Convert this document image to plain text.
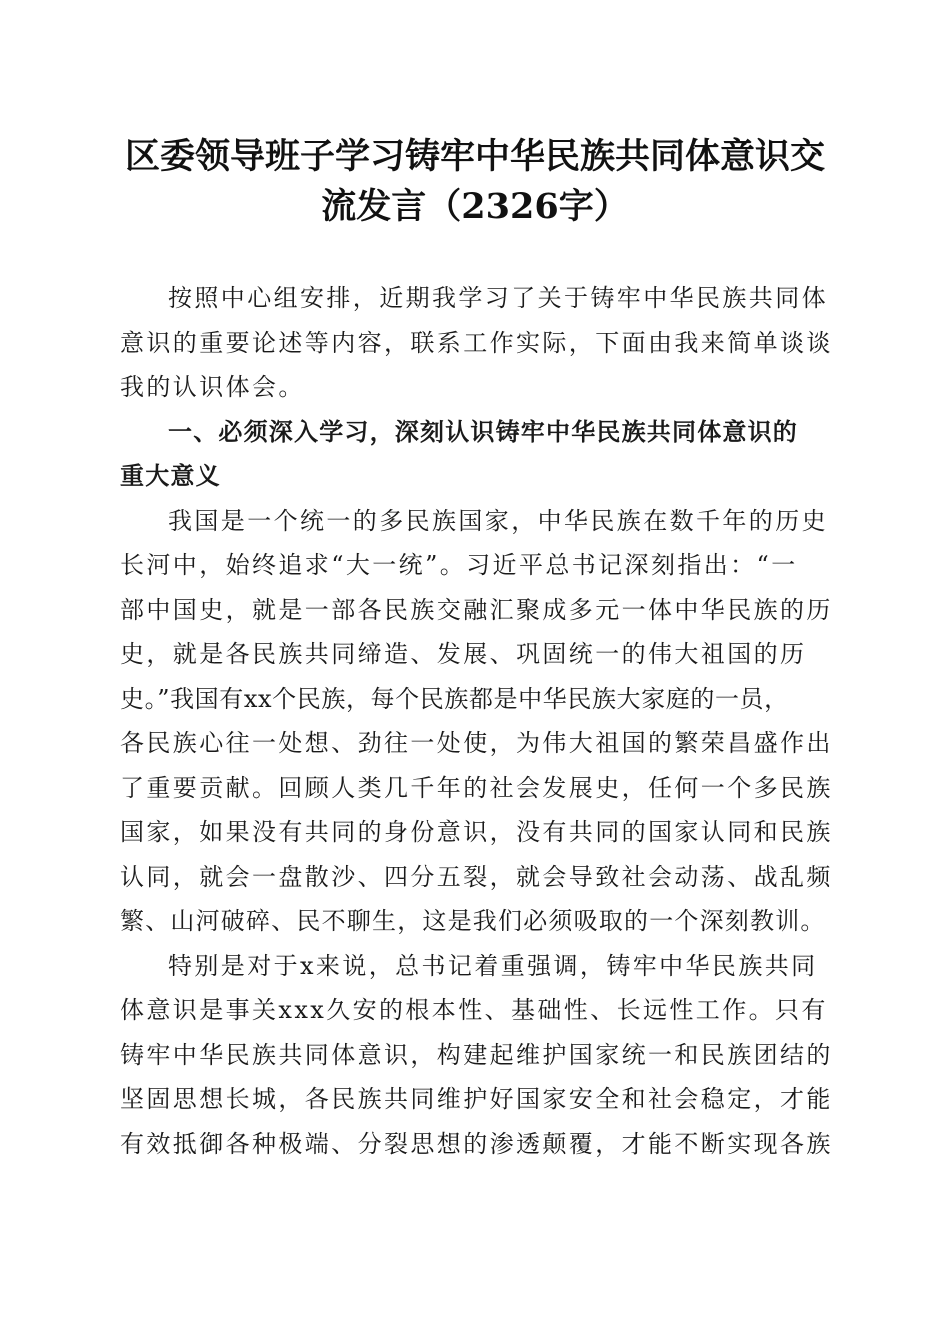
区委领导班子学习铸牢中华民族共同体意识交
流发言（2326字）

按照中心组安排，近期我学习了关于铸牢中华民族共同体
意识的重要论述等内容，联系工作实际，下面由我来简单谈谈
我的认识体会。

一、必须深入学习，深刻认识铸牢中华民族共同体意识的
重大意义

我国是一个统一的多民族国家，中华民族在数千年的历史
长河中，始终追求“大一统”。习近平总书记深刻指出：“一
部中国史，就是一部各民族交融汇聚成多元一体中华民族的历
史，就是各民族共同缔造、发展、巩固统一的伟大祖国的历
史。”我国有xx个民族，每个民族都是中华民族大家庭的一员，
各民族心往一处想、劲往一处使，为伟大祖国的繁荣昌盛作出
了重要贡献。回顾人类几千年的社会发展史，任何一个多民族
国家，如果没有共同的身份意识，没有共同的国家认同和民族
认同，就会一盘散沙、四分五裂，就会导致社会动荡、战乱频
繁、山河破碎、民不聊生，这是我们必须吸取的一个深刻教训。

特别是对于x来说，总书记着重强调，铸牢中华民族共同
体意识是事关xxx久安的根本性、基础性、长远性工作。只有
铸牢中华民族共同体意识，构建起维护国家统一和民族团结的
坚固思想长城，各民族共同维护好国家安全和社会稳定，才能
有效抵御各种极端、分裂思想的渗透颠覆，才能不断实现各族
